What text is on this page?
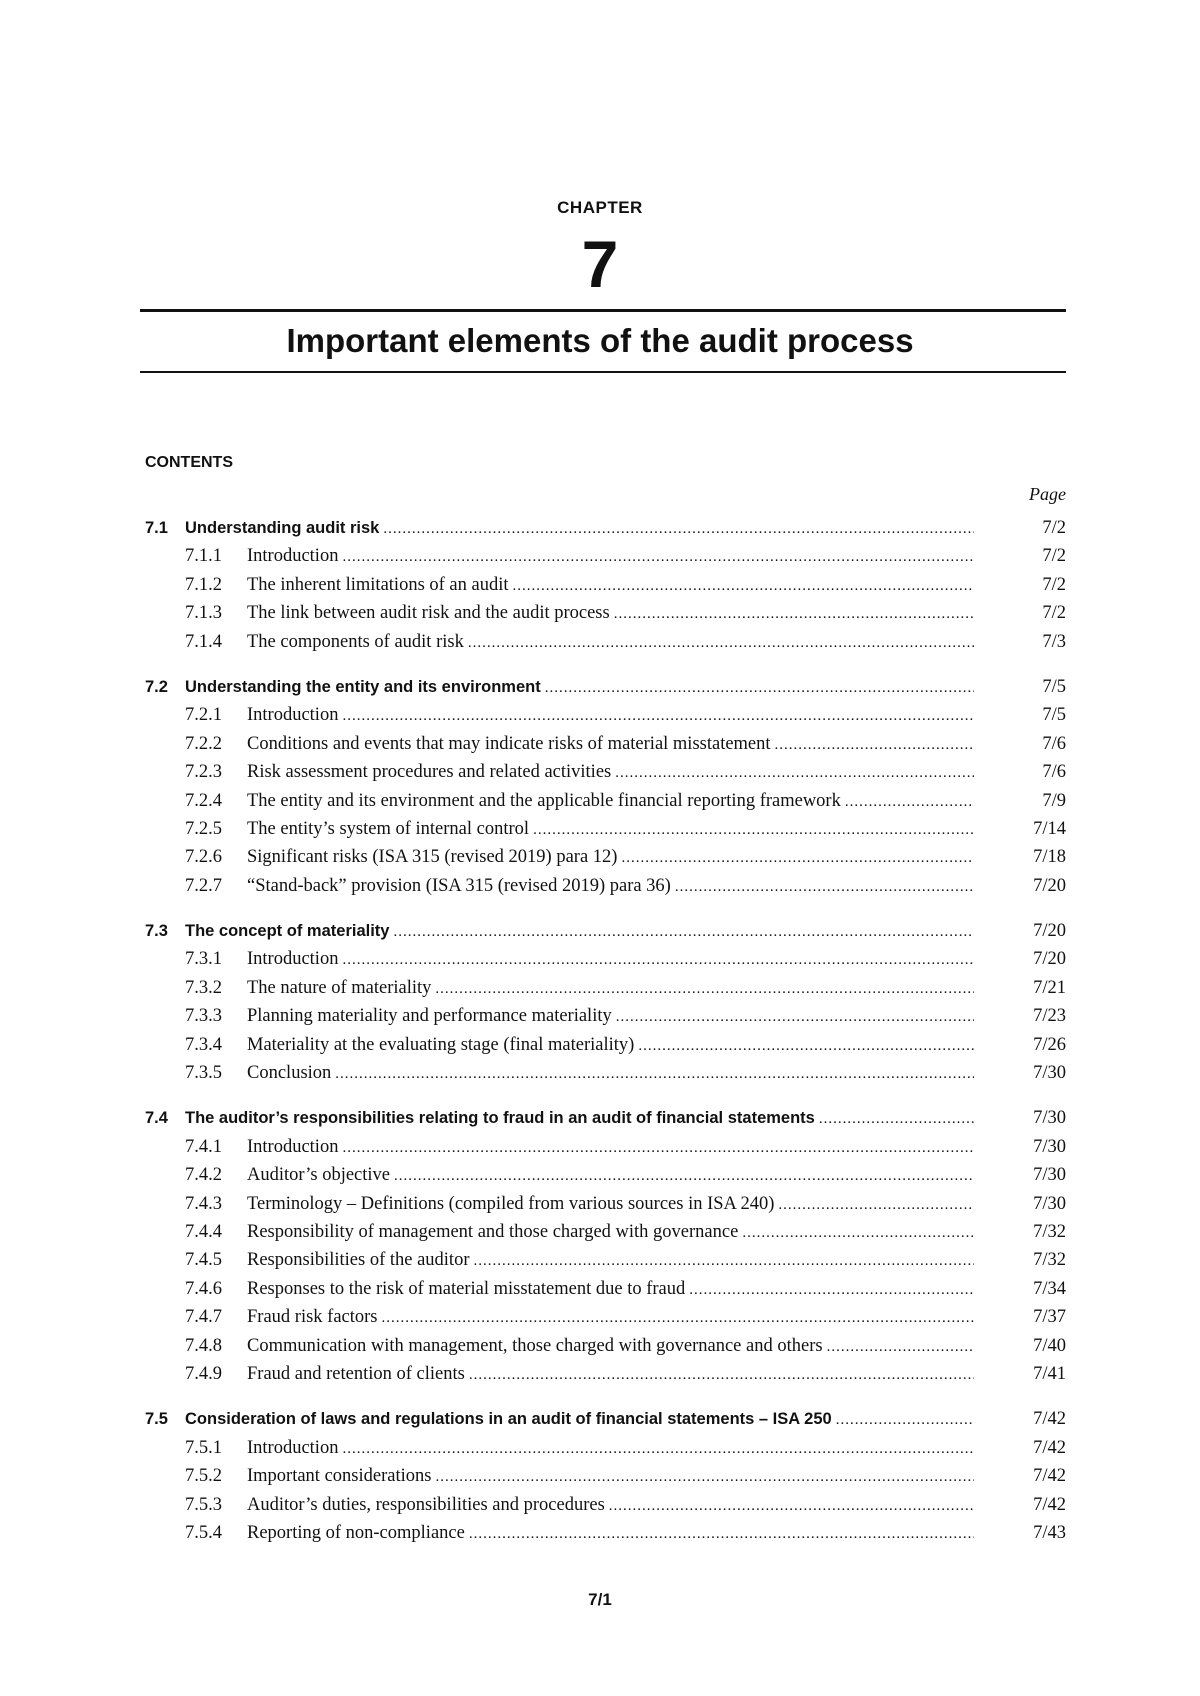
CHAPTER
7
Important elements of the audit process
CONTENTS
Page
7.1	Understanding audit risk .....	7/2
7.1.1	Introduction .....	7/2
7.1.2	The inherent limitations of an audit .....	7/2
7.1.3	The link between audit risk and the audit process .....	7/2
7.1.4	The components of audit risk .....	7/3
7.2	Understanding the entity and its environment .....	7/5
7.2.1	Introduction .....	7/5
7.2.2	Conditions and events that may indicate risks of material misstatement .....	7/6
7.2.3	Risk assessment procedures and related activities .....	7/6
7.2.4	The entity and its environment and the applicable financial reporting framework .....	7/9
7.2.5	The entity’s system of internal control .....	7/14
7.2.6	Significant risks (ISA 315 (revised 2019) para 12) .....	7/18
7.2.7	“Stand-back” provision (ISA 315 (revised 2019) para 36) .....	7/20
7.3	The concept of materiality .....	7/20
7.3.1	Introduction .....	7/20
7.3.2	The nature of materiality .....	7/21
7.3.3	Planning materiality and performance materiality .....	7/23
7.3.4	Materiality at the evaluating stage (final materiality) .....	7/26
7.3.5	Conclusion .....	7/30
7.4	The auditor’s responsibilities relating to fraud in an audit of financial statements .....	7/30
7.4.1	Introduction .....	7/30
7.4.2	Auditor’s objective .....	7/30
7.4.3	Terminology – Definitions (compiled from various sources in ISA 240) .....	7/30
7.4.4	Responsibility of management and those charged with governance .....	7/32
7.4.5	Responsibilities of the auditor .....	7/32
7.4.6	Responses to the risk of material misstatement due to fraud .....	7/34
7.4.7	Fraud risk factors .....	7/37
7.4.8	Communication with management, those charged with governance and others .....	7/40
7.4.9	Fraud and retention of clients .....	7/41
7.5	Consideration of laws and regulations in an audit of financial statements – ISA 250 .....	7/42
7.5.1	Introduction .....	7/42
7.5.2	Important considerations .....	7/42
7.5.3	Auditor’s duties, responsibilities and procedures .....	7/42
7.5.4	Reporting of non-compliance .....	7/43
7/1
